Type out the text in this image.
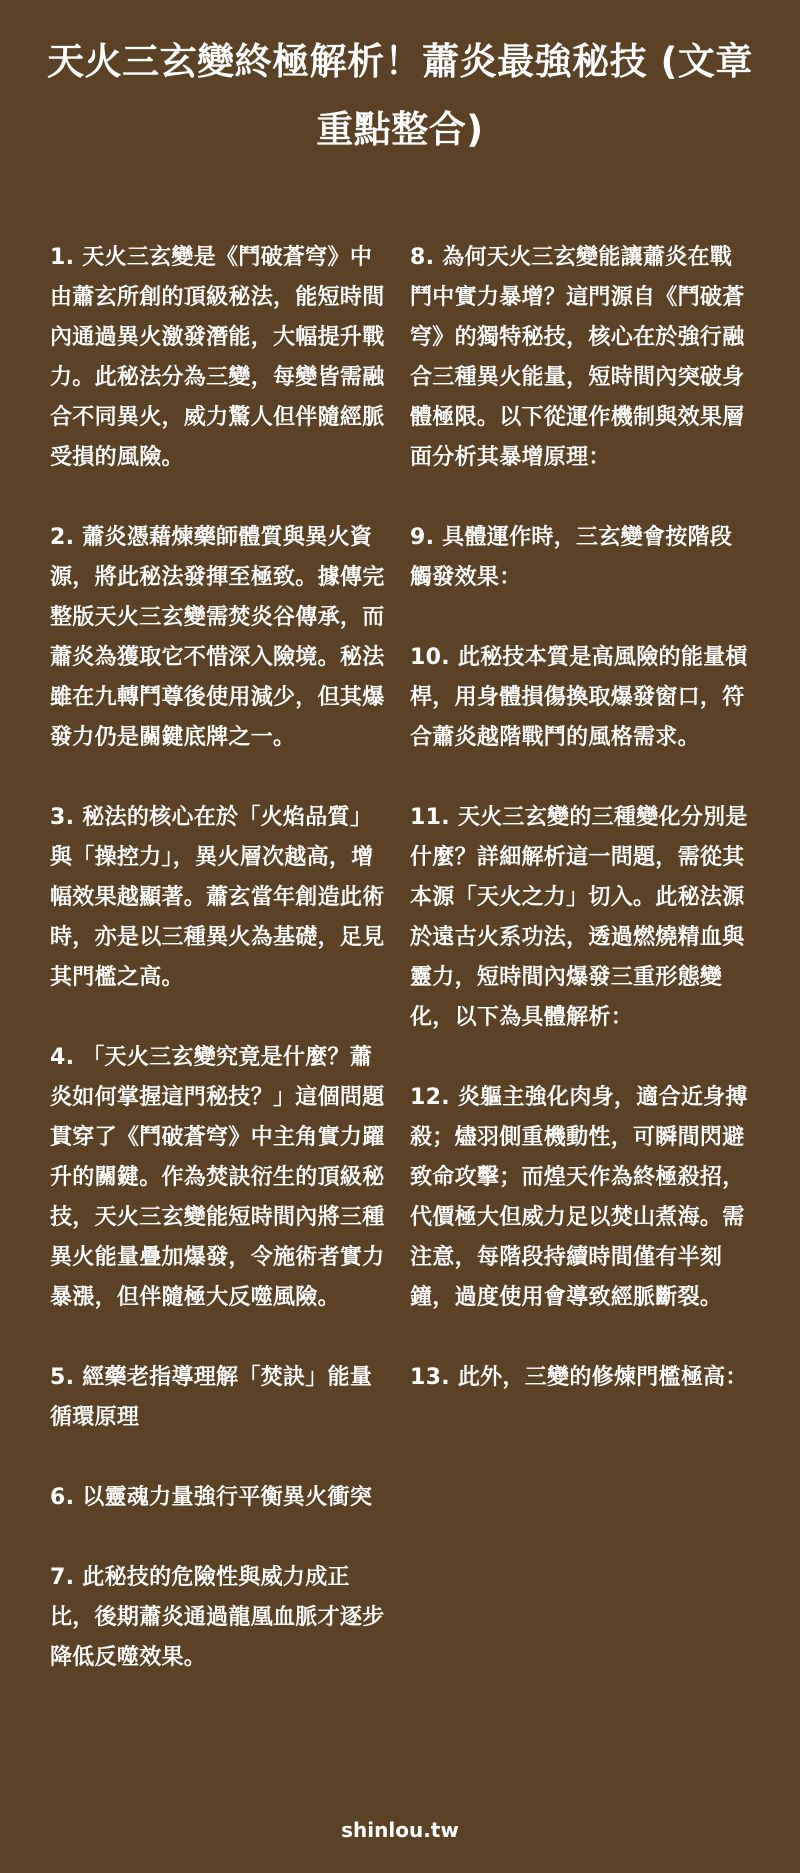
天火三玄變終極解析！蕭炎最強秘技 (文章重點整合)

1. 天火三玄變是《鬥破蒼穹》中由蕭玄所創的頂級秘法，能短時間內通過異火激發潛能，大幅提升戰力。此秘法分為三變，每變皆需融合不同異火，威力驚人但伴隨經脈受損的風險。

2. 蕭炎憑藉煉藥師體質與異火資源，將此秘法發揮至極致。據傳完整版天火三玄變需焚炎谷傳承，而蕭炎為獲取它不惜深入險境。秘法雖在九轉鬥尊後使用減少，但其爆發力仍是關鍵底牌之一。

3. 秘法的核心在於「火焰品質」與「操控力」，異火層次越高，增幅效果越顯著。蕭玄當年創造此術時，亦是以三種異火為基礎，足見其門檻之高。

4. 「天火三玄變究竟是什麼？蕭炎如何掌握這門秘技？」這個問題貫穿了《鬥破蒼穹》中主角實力躍升的關鍵。作為焚訣衍生的頂級秘技，天火三玄變能短時間內將三種異火能量疊加爆發，令施術者實力暴漲，但伴隨極大反噬風險。

5. 經藥老指導理解「焚訣」能量循環原理

6. 以靈魂力量強行平衡異火衝突

7. 此秘技的危險性與威力成正比，後期蕭炎通過龍凰血脈才逐步降低反噬效果。

8. 為何天火三玄變能讓蕭炎在戰鬥中實力暴增？這門源自《鬥破蒼穹》的獨特秘技，核心在於強行融合三種異火能量，短時間內突破身體極限。以下從運作機制與效果層面分析其暴增原理：

9. 具體運作時，三玄變會按階段觸發效果：

10. 此秘技本質是高風險的能量槓桿，用身體損傷換取爆發窗口，符合蕭炎越階戰鬥的風格需求。

11. 天火三玄變的三種變化分別是什麼？詳細解析這一問題，需從其本源「天火之力」切入。此秘法源於遠古火系功法，透過燃燒精血與靈力，短時間內爆發三重形態變化，以下為具體解析：

12. 炎軀主強化肉身，適合近身搏殺；燼羽側重機動性，可瞬間閃避致命攻擊；而煌天作為終極殺招，代價極大但威力足以焚山煮海。需注意，每階段持續時間僅有半刻鐘，過度使用會導致經脈斷裂。

13. 此外，三變的修煉門檻極高：

shinlou.tw
